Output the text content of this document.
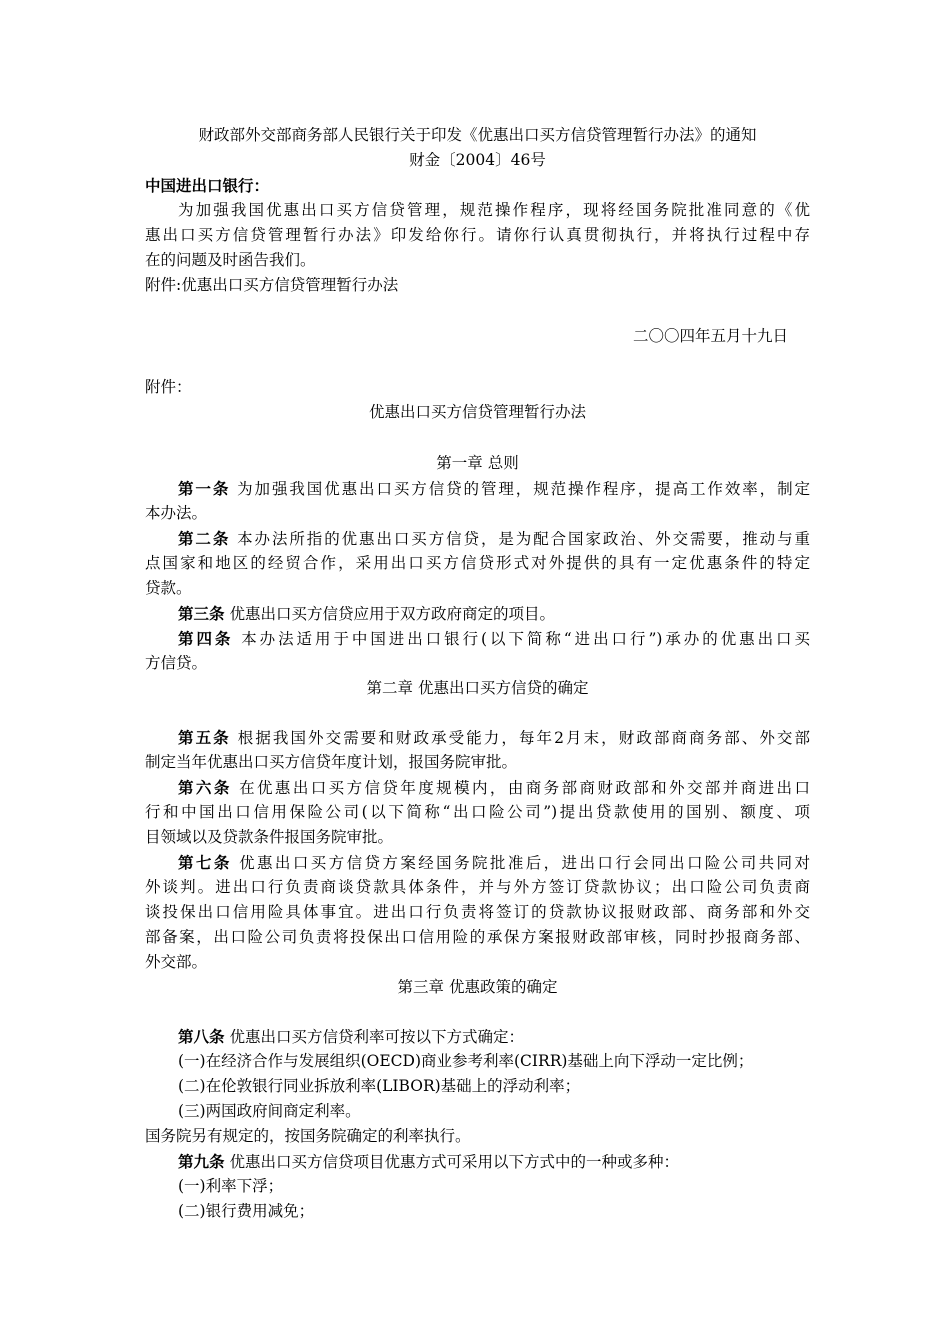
财政部外交部商务部人民银行关于印发《优惠出口买方信贷管理暂行办法》的通知
财金〔2004〕46号
中国进出口银行：
为加强我国优惠出口买方信贷管理，规范操作程序，现将经国务院批准同意的《优
惠出口买方信贷管理暂行办法》印发给你行。请你行认真贯彻执行，并将执行过程中存
在的问题及时函告我们。
附件:优惠出口买方信贷管理暂行办法
二〇〇四年五月十九日
附件：
优惠出口买方信贷管理暂行办法
第一章 总则
第一条 为加强我国优惠出口买方信贷的管理，规范操作程序，提高工作效率，制定
本办法。
第二条 本办法所指的优惠出口买方信贷，是为配合国家政治、外交需要，推动与重
点国家和地区的经贸合作，采用出口买方信贷形式对外提供的具有一定优惠条件的特定
贷款。
第三条 优惠出口买方信贷应用于双方政府商定的项目。
第四条 本办法适用于中国进出口银行(以下简称“进出口行”)承办的优惠出口买
方信贷。
第二章 优惠出口买方信贷的确定
第五条 根据我国外交需要和财政承受能力，每年2月末，财政部商商务部、外交部
制定当年优惠出口买方信贷年度计划，报国务院审批。
第六条 在优惠出口买方信贷年度规模内，由商务部商财政部和外交部并商进出口
行和中国出口信用保险公司(以下简称“出口险公司”)提出贷款使用的国别、额度、项
目领域以及贷款条件报国务院审批。
第七条 优惠出口买方信贷方案经国务院批准后，进出口行会同出口险公司共同对
外谈判。进出口行负责商谈贷款具体条件，并与外方签订贷款协议；出口险公司负责商
谈投保出口信用险具体事宜。进出口行负责将签订的贷款协议报财政部、商务部和外交
部备案，出口险公司负责将投保出口信用险的承保方案报财政部审核，同时抄报商务部、
外交部。
第三章 优惠政策的确定
第八条 优惠出口买方信贷利率可按以下方式确定：
(一)在经济合作与发展组织(OECD)商业参考利率(CIRR)基础上向下浮动一定比例；
(二)在伦敦银行同业拆放利率(LIBOR)基础上的浮动利率；
(三)两国政府间商定利率。
国务院另有规定的，按国务院确定的利率执行。
第九条 优惠出口买方信贷项目优惠方式可采用以下方式中的一种或多种：
(一)利率下浮；
(二)银行费用减免；
